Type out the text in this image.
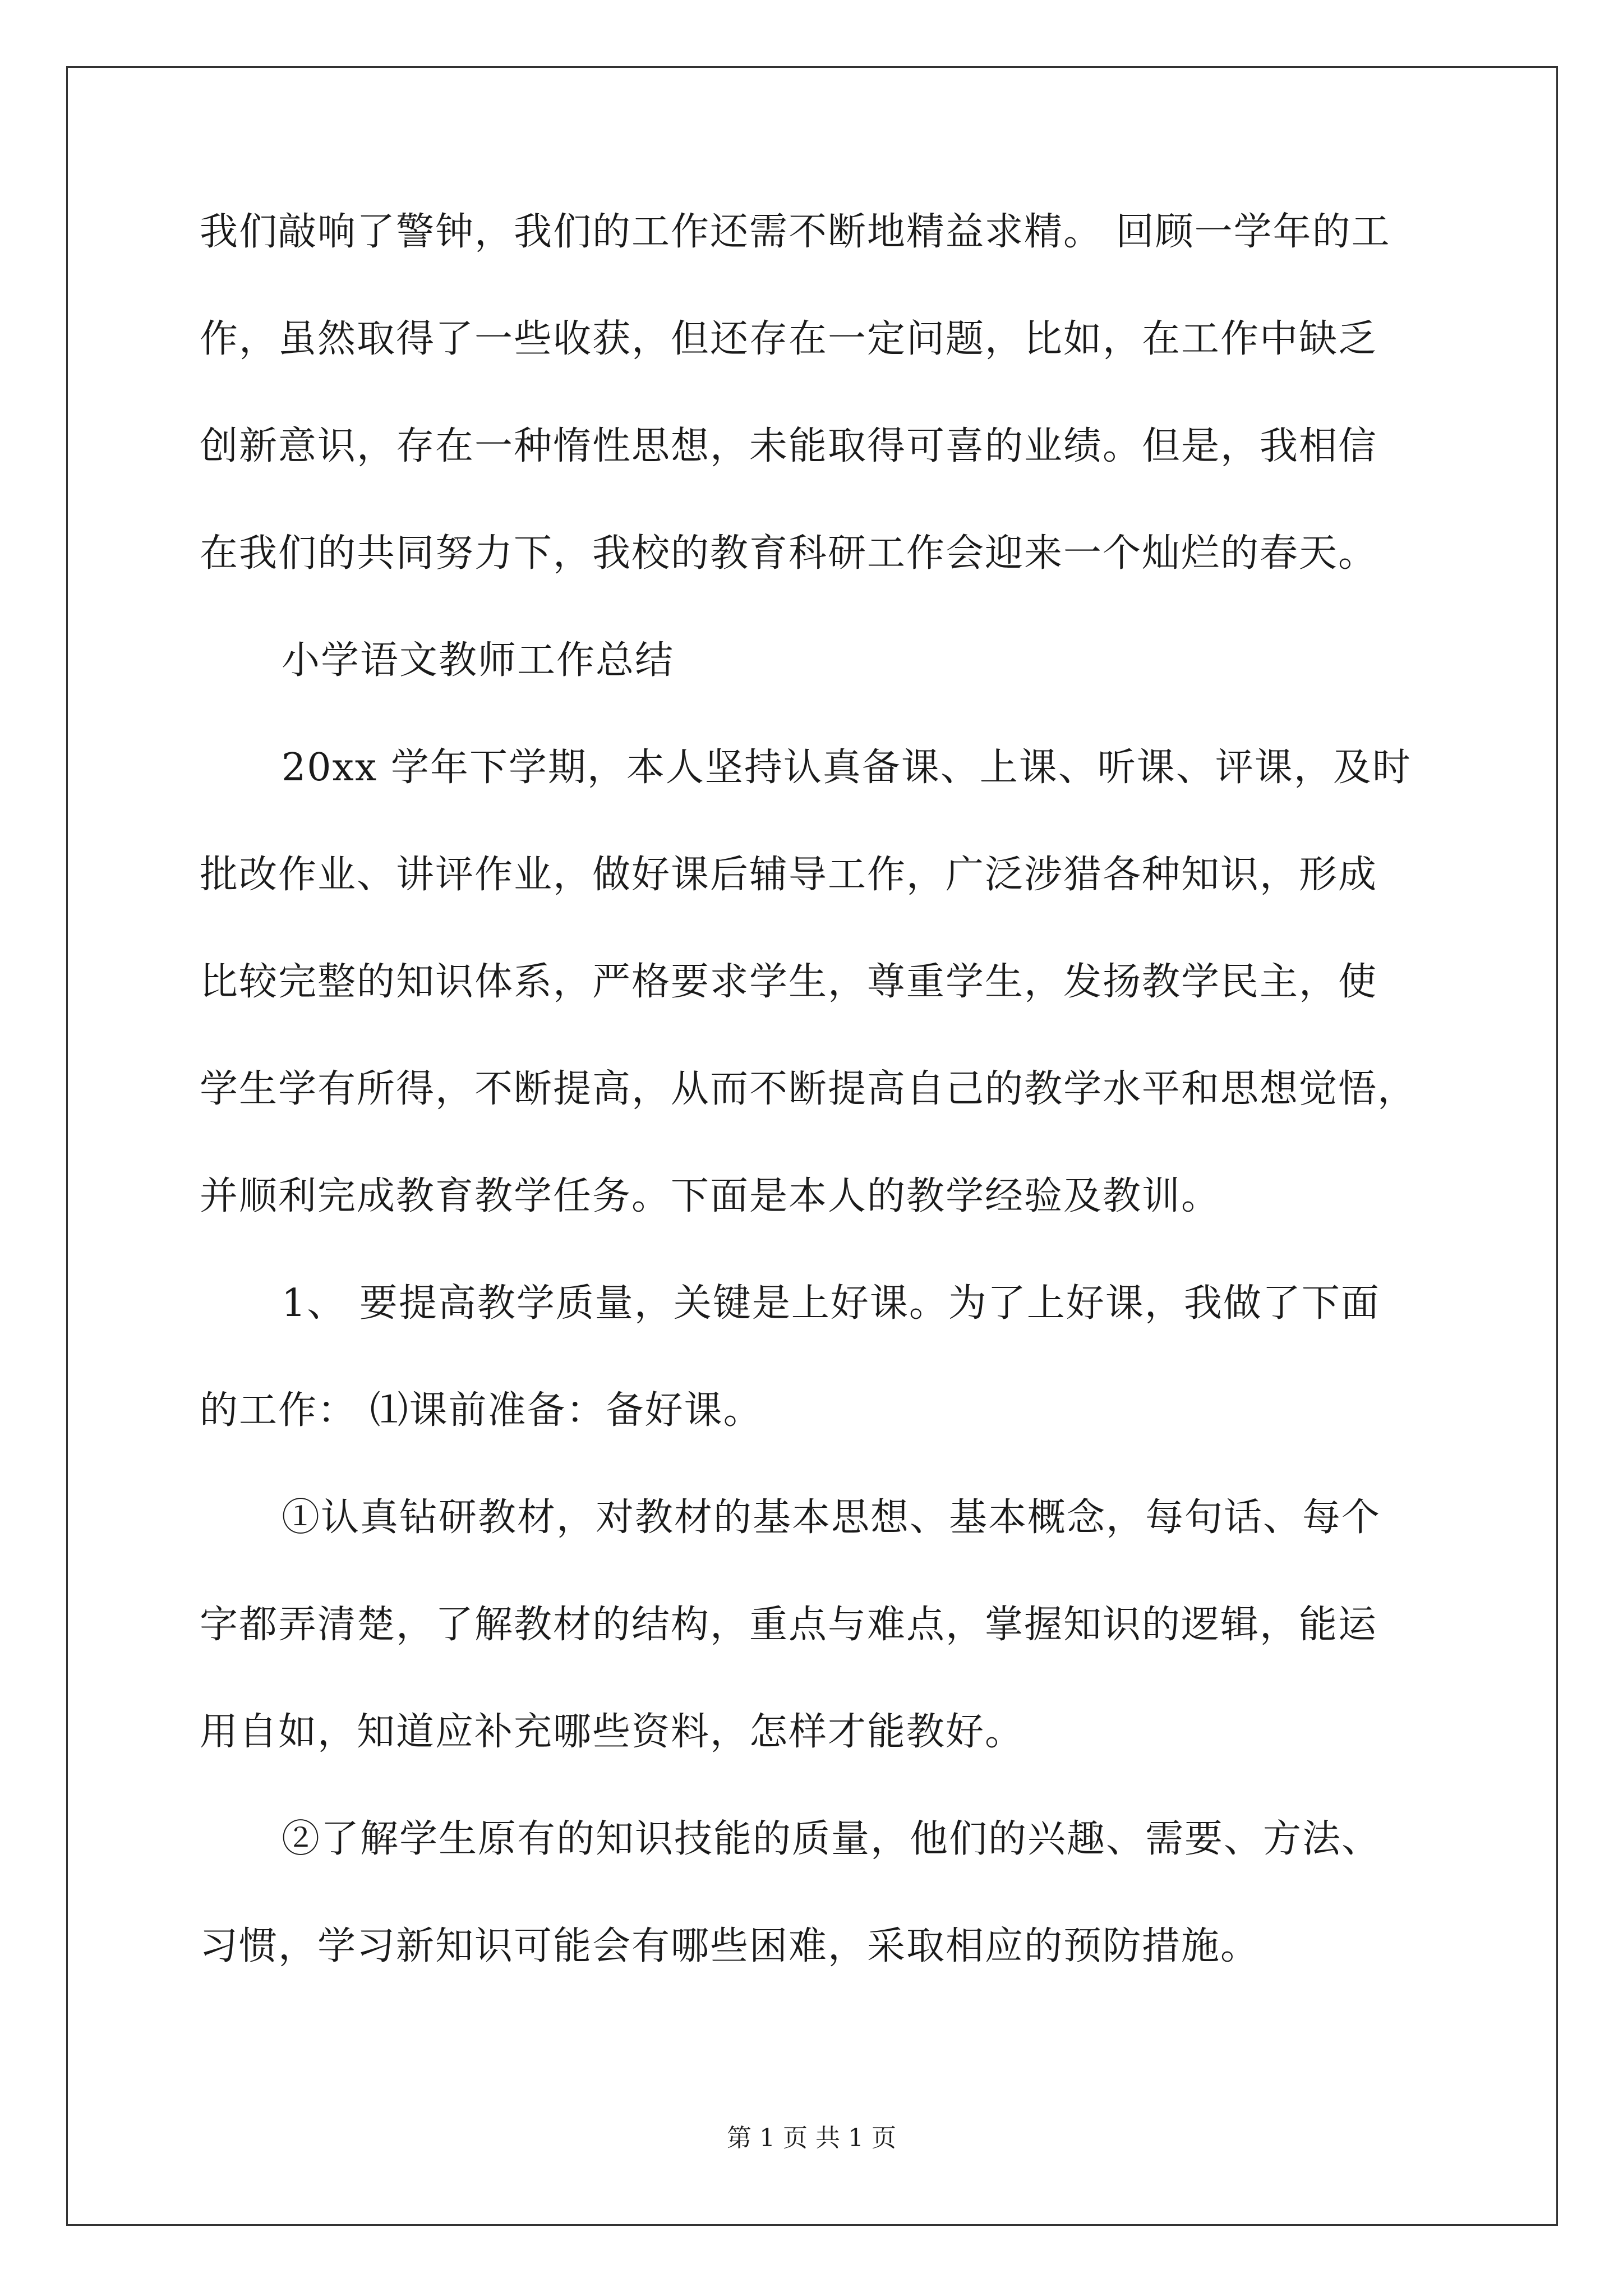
我们敲响了警钟，我们的工作还需不断地精益求精。 回顾一学年的工
作，虽然取得了一些收获，但还存在一定问题，比如，在工作中缺乏
创新意识，存在一种惰性思想，未能取得可喜的业绩。但是，我相信
在我们的共同努力下，我校的教育科研工作会迎来一个灿烂的春天。
小学语文教师工作总结
20xx 学年下学期，本人坚持认真备课、上课、听课、评课，及时
批改作业、讲评作业，做好课后辅导工作，广泛涉猎各种知识，形成
比较完整的知识体系，严格要求学生，尊重学生，发扬教学民主，使
学生学有所得，不断提高，从而不断提高自己的教学水平和思想觉悟，
并顺利完成教育教学任务。下面是本人的教学经验及教训。
1、 要提高教学质量，关键是上好课。为了上好课，我做了下面
的工作： ⑴课前准备：备好课。
①认真钻研教材，对教材的基本思想、基本概念，每句话、每个
字都弄清楚，了解教材的结构，重点与难点，掌握知识的逻辑，能运
用自如，知道应补充哪些资料，怎样才能教好。
②了解学生原有的知识技能的质量，他们的兴趣、需要、方法、
习惯，学习新知识可能会有哪些困难，采取相应的预防措施。
第 1 页 共 1 页
